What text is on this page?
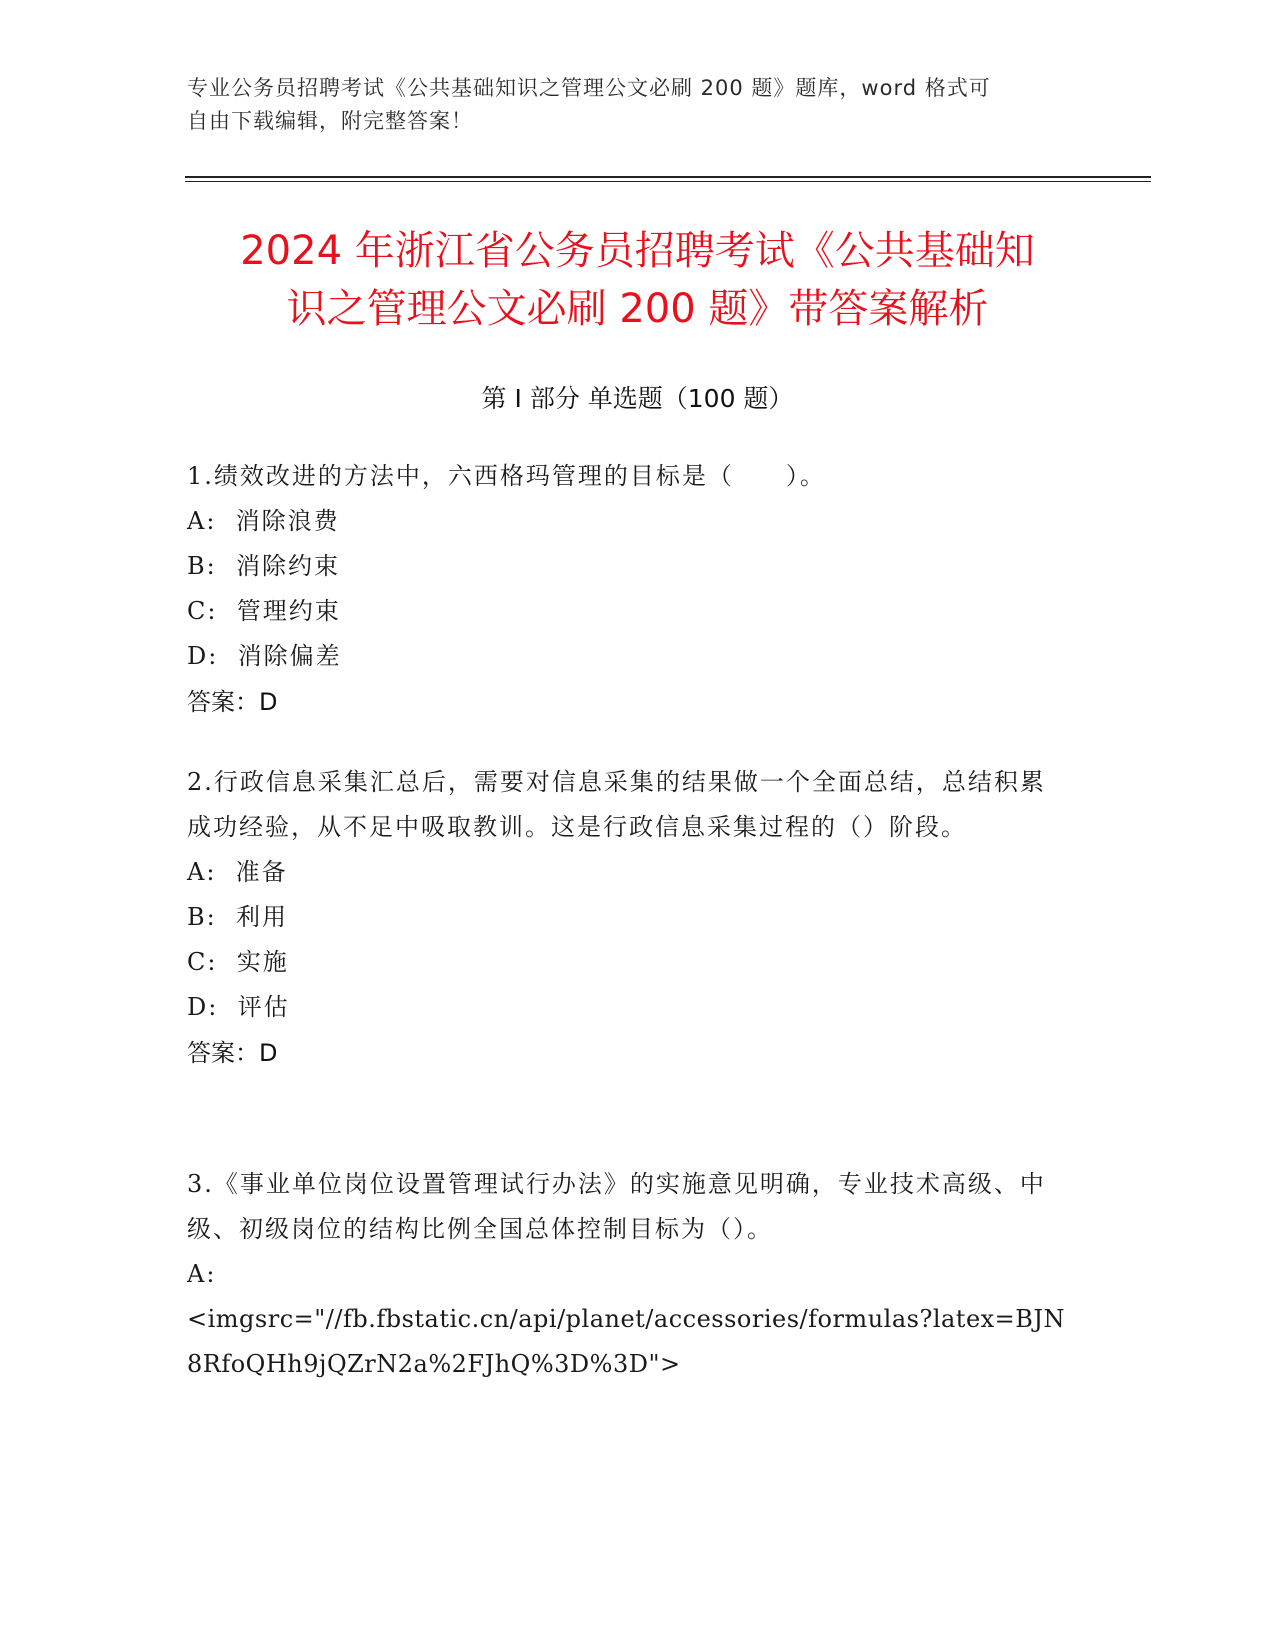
专业公务员招聘考试《公共基础知识之管理公文必刷 200 题》题库，word 格式可
自由下载编辑，附完整答案！
2024 年浙江省公务员招聘考试《公共基础知
识之管理公文必刷 200 题》带答案解析
第 I 部分 单选题（100 题）
1.绩效改进的方法中，六西格玛管理的目标是（　　）。
A:  消除浪费
B:  消除约束
C:  管理约束
D:  消除偏差
答案：D
2.行政信息采集汇总后，需要对信息采集的结果做一个全面总结，总结积累成功经验，从不足中吸取教训。这是行政信息采集过程的（）阶段。
A:  准备
B:  利用
C:  实施
D:  评估
答案：D
3.《事业单位岗位设置管理试行办法》的实施意见明确，专业技术高级、中级、初级岗位的结构比例全国总体控制目标为（）。
A:
<imgsrc="//fb.fbstatic.cn/api/planet/accessories/formulas?latex=BJN8RfoQHh9jQZrN2a%2FJhQ%3D%3D">
